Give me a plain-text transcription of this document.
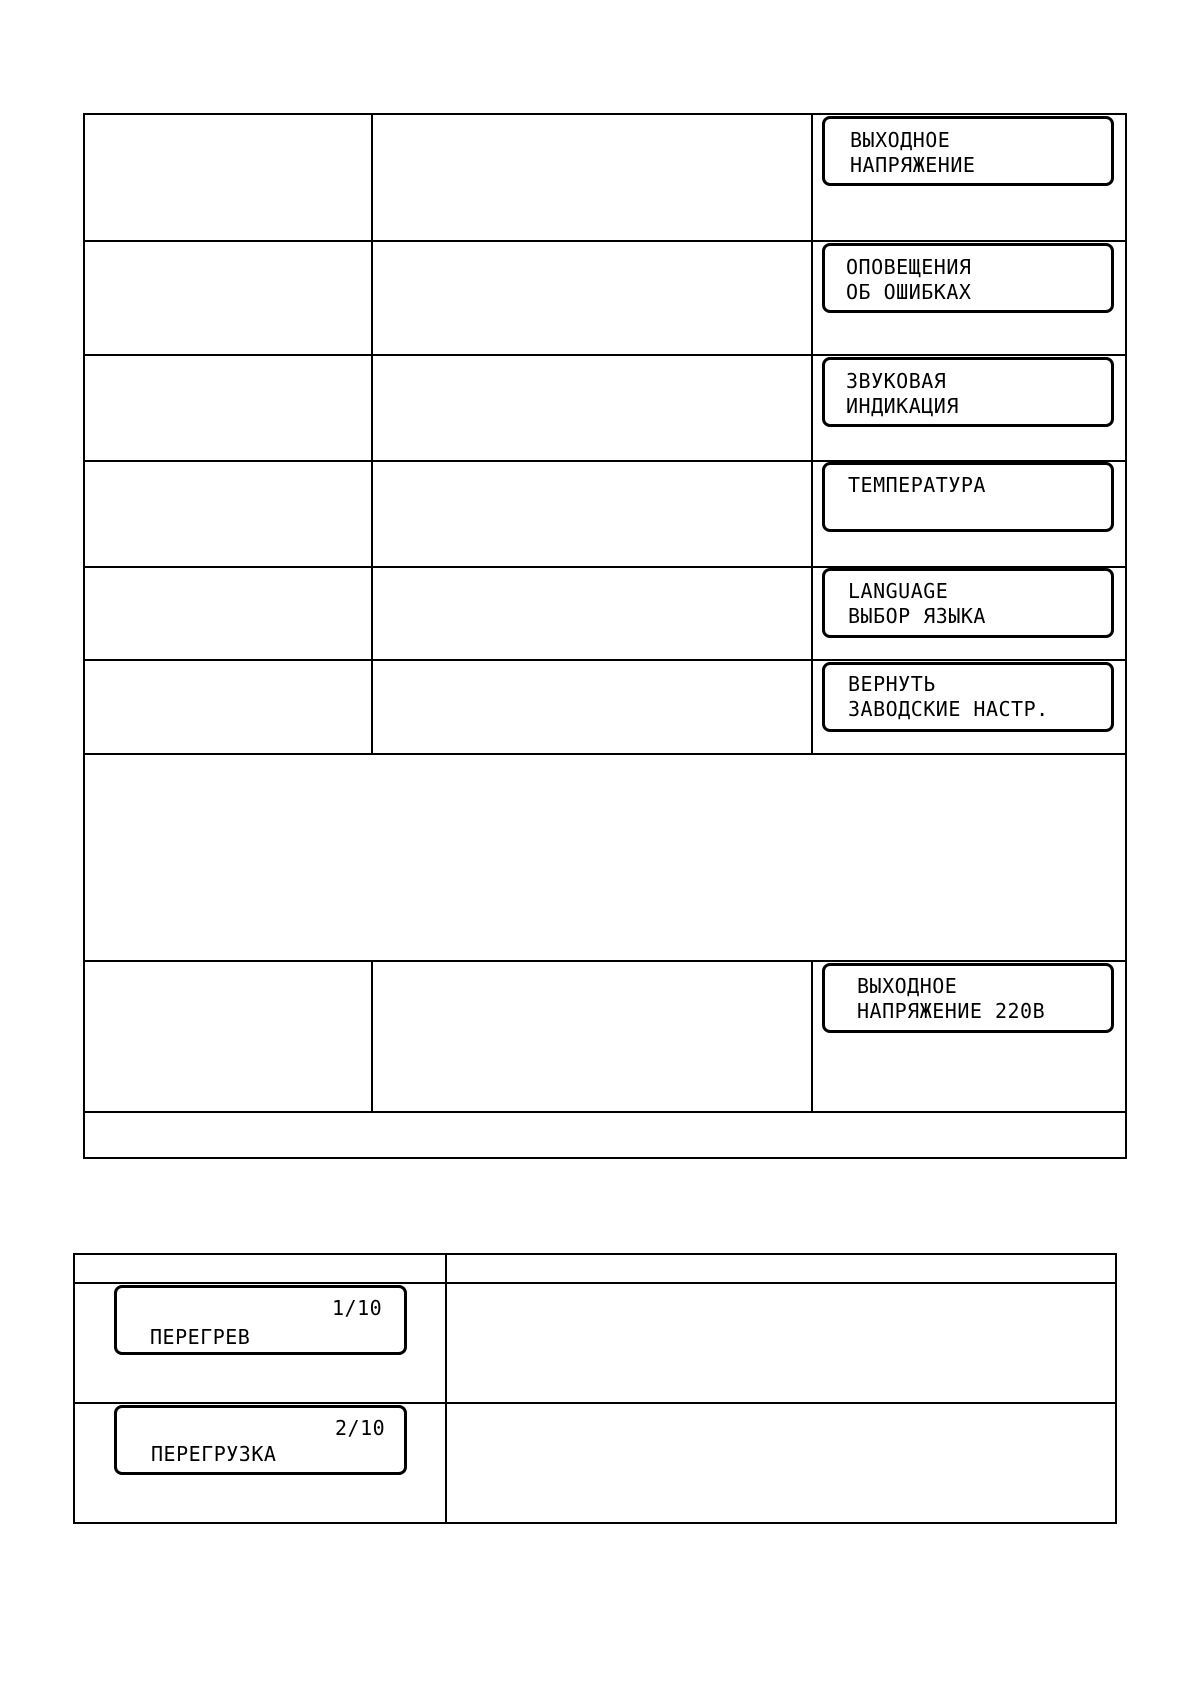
ВЫХОДНОЕ
НАПРЯЖЕНИЕ
ОПОВЕЩЕНИЯ
ОБ ОШИБКАХ
ЗВУКОВАЯ
ИНДИКАЦИЯ
ТЕМПЕРАТУРА
LANGUAGE
ВЫБОР ЯЗЫКА
ВЕРНУТЬ
ЗАВОДСКИЕ НАСТР.
ВЫХОДНОЕ
НАПРЯЖЕНИЕ 220В
1/10
ПЕРЕГРЕВ
2/10
ПЕРЕГРУЗКА
